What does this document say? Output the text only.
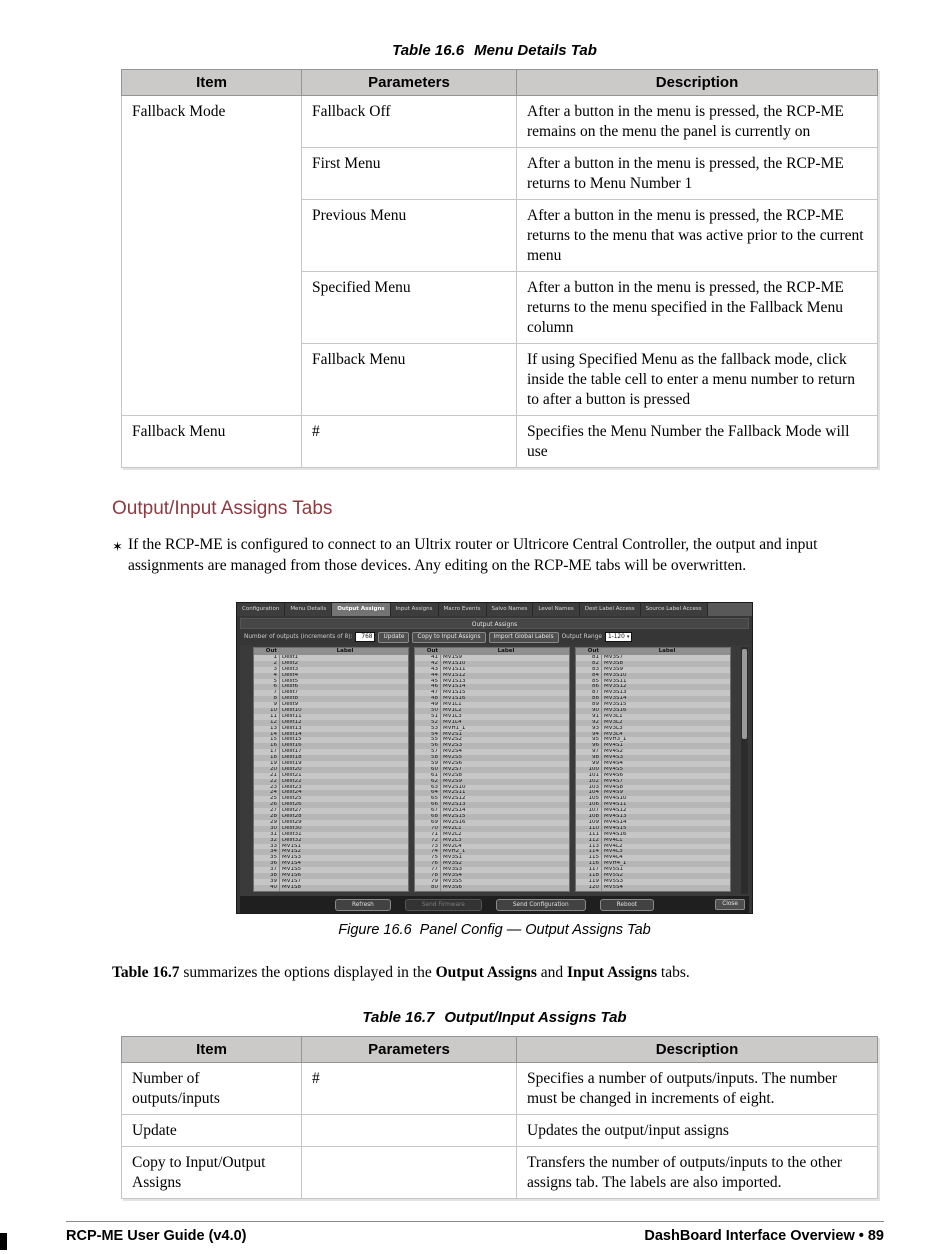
Table 16.6 Menu Details Tab
Item	Parameters	Description
Fallback Mode	Fallback Off	After a button in the menu is pressed, the RCP-ME remains on the menu the panel is currently on
	First Menu	After a button in the menu is pressed, the RCP-ME returns to Menu Number 1
	Previous Menu	After a button in the menu is pressed, the RCP-ME returns to the menu that was active prior to the current menu
	Specified Menu	After a button in the menu is pressed, the RCP-ME returns to the menu specified in the Fallback Menu column
	Fallback Menu	If using Specified Menu as the fallback mode, click inside the table cell to enter a menu number to return to after a button is pressed
Fallback Menu	#	Specifies the Menu Number the Fallback Mode will use
Output/Input Assigns Tabs
✶ If the RCP-ME is configured to connect to an Ultrix router or Ultricore Central Controller, the output and input assignments are managed from those devices. Any editing on the RCP-ME tabs will be overwritten.
Configuration	Menu Details	Output Assigns	Input Assigns	Macro Events	Salvo Names	Level Names	Dest Label Access	Source Label Access
Output Assigns
Number of outputs (increments of 8):	768	Update	Copy to Input Assigns	Import Global Labels	Output Range 1-120 ▾
Out	Label
1 Dest1
2 Dest2
3 Dest3
4 Dest4
5 Dest5
6 Dest6
7 Dest7
8 Dest8
9 Dest9
10 Dest10
11 Dest11
12 Dest12
13 Dest13
14 Dest14
15 Dest15
16 Dest16
17 Dest17
18 Dest18
19 Dest19
20 Dest20
21 Dest21
22 Dest22
23 Dest23
24 Dest24
25 Dest25
26 Dest26
27 Dest27
28 Dest28
29 Dest29
30 Dest30
31 Dest31
32 Dest32
33 MV1S1
34 MV1S2
35 MV1S3
36 MV1S4
37 MV1S5
38 MV1S6
39 MV1S7
40 MV1S8
Out	Label
41 MV1S9
42 MV1S10
43 MV1S11
44 MV1S12
45 MV1S13
46 MV1S14
47 MV1S15
48 MV1S16
49 MV1L1
50 MV1L2
51 MV1L3
52 MV1L4
53 MVH1_1
54 MV2S1
55 MV2S2
56 MV2S3
57 MV2S4
58 MV2S5
59 MV2S6
60 MV2S7
61 MV2S8
62 MV2S9
63 MV2S10
64 MV2S11
65 MV2S12
66 MV2S13
67 MV2S14
68 MV2S15
69 MV2S16
70 MV2L1
71 MV2L2
72 MV2L3
73 MV2L4
74 MVH2_1
75 MV3S1
76 MV3S2
77 MV3S3
78 MV3S4
79 MV3S5
80 MV3S6
Out	Label
81 MV3S7
82 MV3S8
83 MV3S9
84 MV3S10
85 MV3S11
86 MV3S12
87 MV3S13
88 MV3S14
89 MV3S15
90 MV3S16
91 MV3L1
92 MV3L2
93 MV3L3
94 MV3L4
95 MVH3_1
96 MV4S1
97 MV4S2
98 MV4S3
99 MV4S4
100 MV4S5
101 MV4S6
102 MV4S7
103 MV4S8
104 MV4S9
105 MV4S10
106 MV4S11
107 MV4S12
108 MV4S13
109 MV4S14
110 MV4S15
111 MV4S16
112 MV4L1
113 MV4L2
114 MV4L3
115 MV4L4
116 MVH4_1
117 MV5S1
118 MV5S2
119 MV5S3
120 MV5S4
Refresh	Send Firmware	Send Configuration	Reboot	Close
Figure 16.6 Panel Config — Output Assigns Tab

Table 16.7 summarizes the options displayed in the Output Assigns and Input Assigns tabs.

Table 16.7 Output/Input Assigns Tab
Item	Parameters	Description
Number of outputs/inputs	#	Specifies a number of outputs/inputs. The number must be changed in increments of eight.
Update		Updates the output/input assigns
Copy to Input/Output Assigns		Transfers the number of outputs/inputs to the other assigns tab. The labels are also imported.
RCP-ME User Guide (v4.0)	DashBoard Interface Overview • 89
